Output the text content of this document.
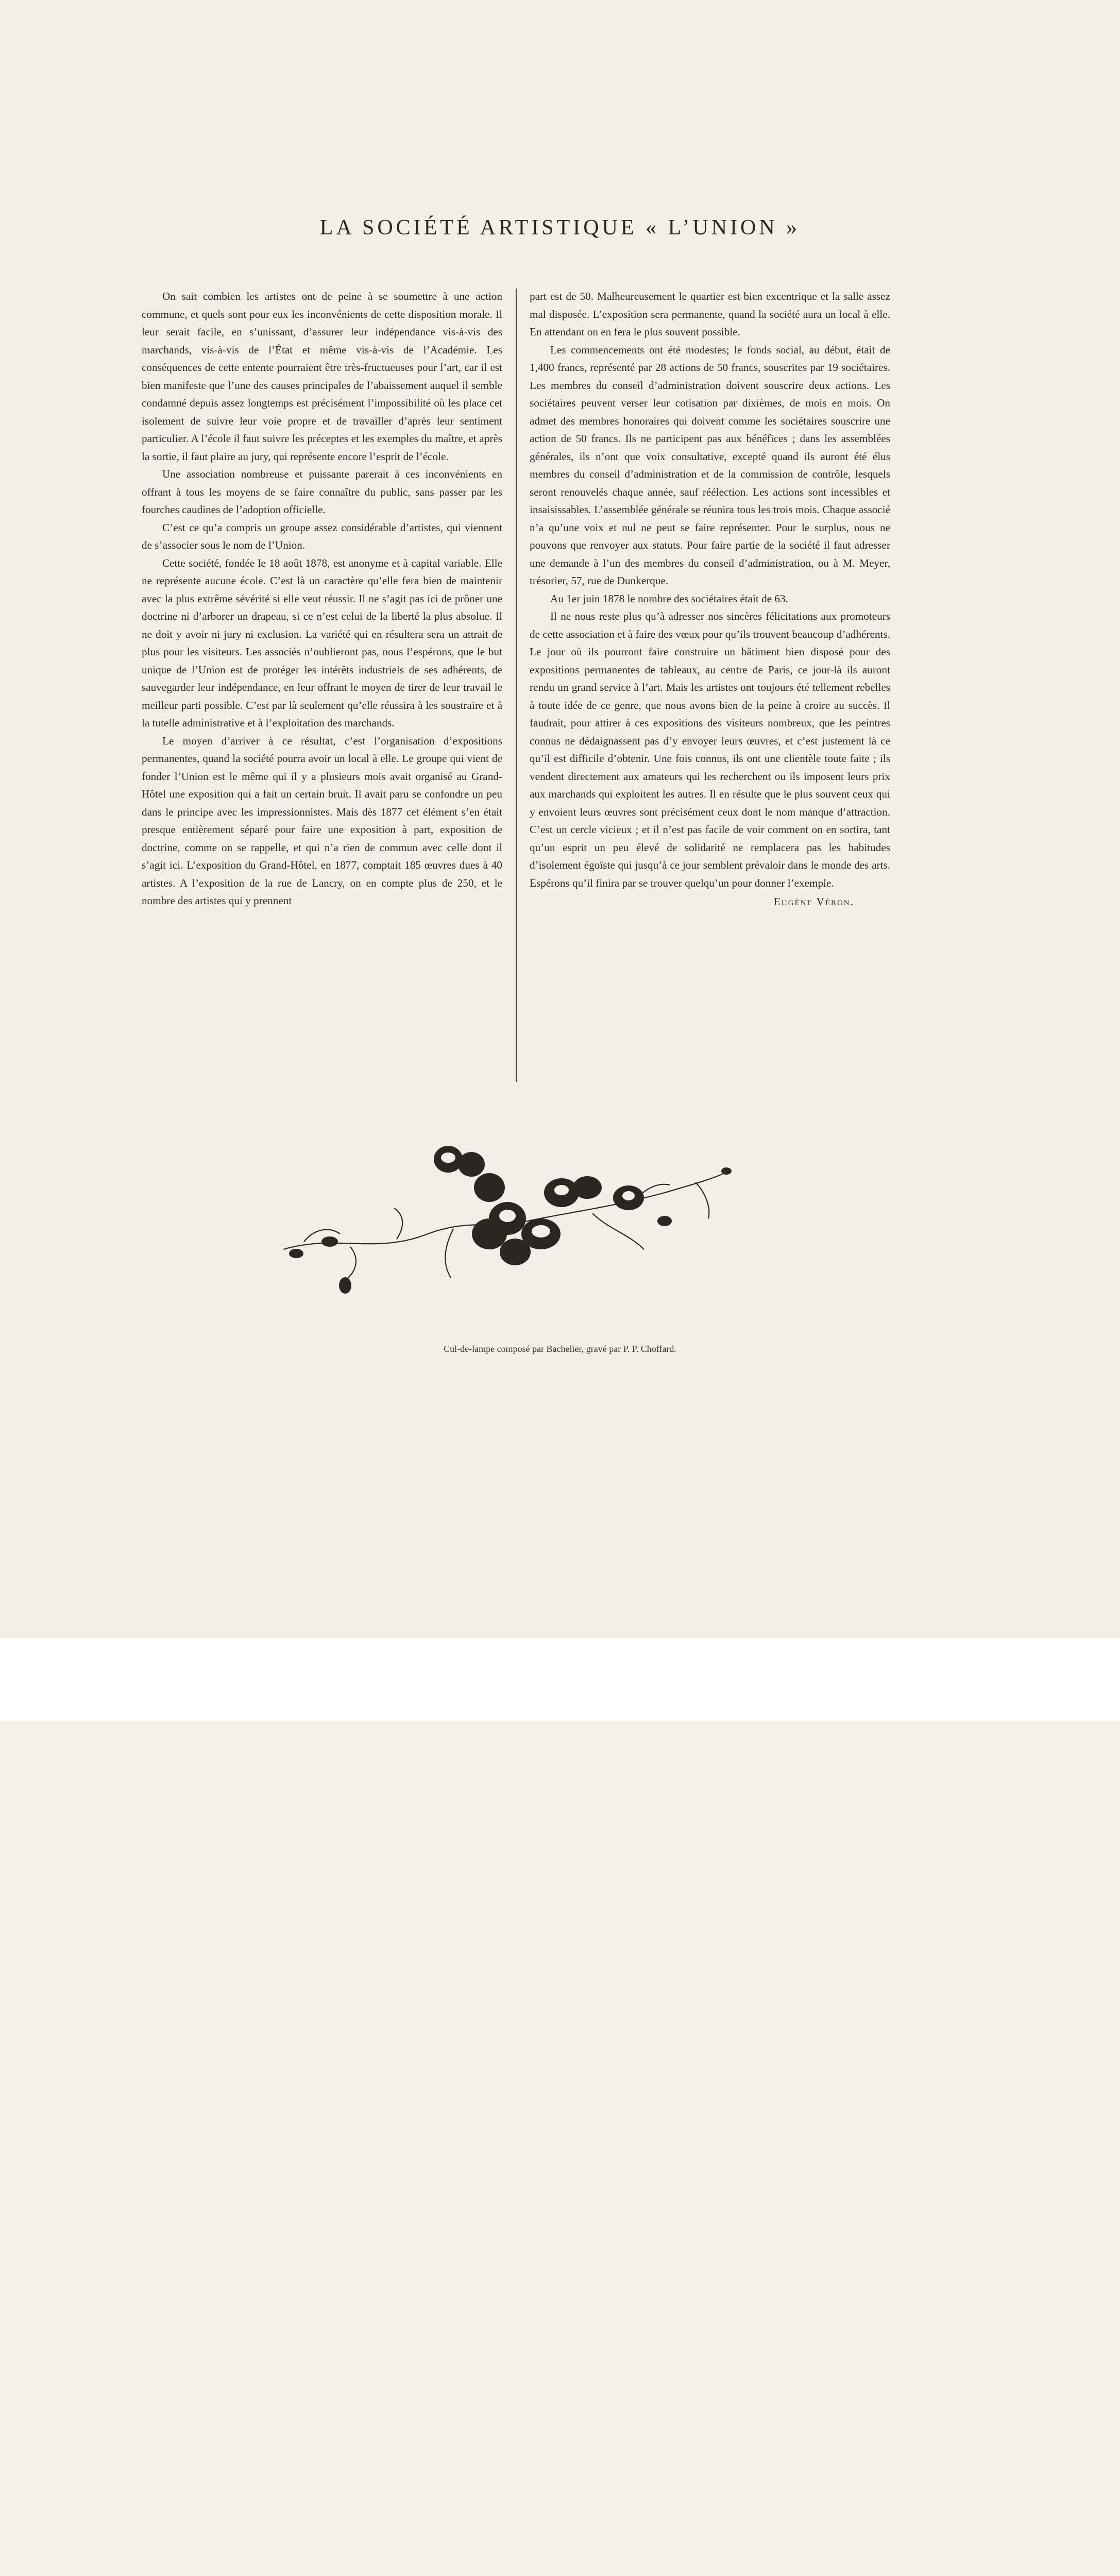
LA SOCIÉTÉ ARTISTIQUE « L’UNION »

On sait combien les artistes ont de peine à se soumettre à une action commune, et quels sont pour eux les inconvénients de cette disposition morale. Il leur serait facile, en s’unissant, d’assurer leur indépendance vis-à-vis des marchands, vis-à-vis de l’État et même vis-à-vis de l’Académie. Les conséquences de cette entente pourraient être très-fructueuses pour l’art, car il est bien manifeste que l’une des causes principales de l’abaissement auquel il semble condamné depuis assez longtemps est précisément l’impossibilité où les place cet isolement de suivre leur voie propre et de travailler d’après leur sentiment particulier. A l’école il faut suivre les préceptes et les exemples du maître, et après la sortie, il faut plaire au jury, qui représente encore l’esprit de l’école.

Une association nombreuse et puissante parerait à ces inconvénients en offrant à tous les moyens de se faire connaître du public, sans passer par les fourches caudines de l’adoption officielle.

C’est ce qu’a compris un groupe assez considérable d’artistes, qui viennent de s’associer sous le nom de l’Union.

Cette société, fondée le 18 août 1878, est anonyme et à capital variable. Elle ne représente aucune école. C’est là un caractère qu’elle fera bien de maintenir avec la plus extrême sévérité si elle veut réussir. Il ne s’agit pas ici de prôner une doctrine ni d’arborer un drapeau, si ce n’est celui de la liberté la plus absolue. Il ne doit y avoir ni jury ni exclusion. La variété qui en résultera sera un attrait de plus pour les visiteurs. Les associés n’oublieront pas, nous l’espérons, que le but unique de l’Union est de protéger les intérêts industriels de ses adhérents, de sauvegarder leur indépendance, en leur offrant le moyen de tirer de leur travail le meilleur parti possible. C’est par là seulement qu’elle réussira à les soustraire et à la tutelle administrative et à l’exploitation des marchands.

Le moyen d’arriver à ce résultat, c’est l’organisation d’expositions permanentes, quand la société pourra avoir un local à elle. Le groupe qui vient de fonder l’Union est le même qui il y a plusieurs mois avait organisé au Grand-Hôtel une exposition qui a fait un certain bruit. Il avait paru se confondre un peu dans le principe avec les impressionnistes. Mais dès 1877 cet élément s’en était presque entièrement séparé pour faire une exposition à part, exposition de doctrine, comme on se rappelle, et qui n’a rien de commun avec celle dont il s’agit ici. L’exposition du Grand-Hôtel, en 1877, comptait 185 œuvres dues à 40 artistes. A l’exposition de la rue de Lancry, on en compte plus de 250, et le nombre des artistes qui y prennent

part est de 50. Malheureusement le quartier est bien excentrique et la salle assez mal disposée. L’exposition sera permanente, quand la société aura un local à elle. En attendant on en fera le plus souvent possible.

Les commencements ont été modestes; le fonds social, au début, était de 1,400 francs, représenté par 28 actions de 50 francs, souscrites par 19 sociétaires. Les membres du conseil d’administration doivent souscrire deux actions. Les sociétaires peuvent verser leur cotisation par dixièmes, de mois en mois. On admet des membres honoraires qui doivent comme les sociétaires souscrire une action de 50 francs. Ils ne participent pas aux bénéfices ; dans les assemblées générales, ils n’ont que voix consultative, excepté quand ils auront été élus membres du conseil d’administration et de la commission de contrôle, lesquels seront renouvelés chaque année, sauf réélection. Les actions sont incessibles et insaisissables. L’assemblée générale se réunira tous les trois mois. Chaque associé n’a qu’une voix et nul ne peut se faire représenter. Pour le surplus, nous ne pouvons que renvoyer aux statuts. Pour faire partie de la société il faut adresser une demande à l’un des membres du conseil d’administration, ou à M. Meyer, trésorier, 57, rue de Dunkerque.

Au 1er juin 1878 le nombre des sociétaires était de 63.

Il ne nous reste plus qu’à adresser nos sincères félicitations aux promoteurs de cette association et à faire des vœux pour qu’ils trouvent beaucoup d’adhérents. Le jour où ils pourront faire construire un bâtiment bien disposé pour des expositions permanentes de tableaux, au centre de Paris, ce jour-là ils auront rendu un grand service à l’art. Mais les artistes ont toujours été tellement rebelles à toute idée de ce genre, que nous avons bien de la peine à croire au succès. Il faudrait, pour attirer à ces expositions des visiteurs nombreux, que les peintres connus ne dédaignassent pas d’y envoyer leurs œuvres, et c’est justement là ce qu’il est difficile d’obtenir. Une fois connus, ils ont une clientèle toute faite ; ils vendent directement aux amateurs qui les recherchent ou ils imposent leurs prix aux marchands qui exploitent les autres. Il en résulte que le plus souvent ceux qui y envoient leurs œuvres sont précisément ceux dont le nom manque d’attraction. C’est un cercle vicieux ; et il n’est pas facile de voir comment on en sortira, tant qu’un esprit un peu élevé de solidarité ne remplacera pas les habitudes d’isolement égoïste qui jusqu’à ce jour semblent prévaloir dans le monde des arts. Espérons qu’il finira par se trouver quelqu’un pour donner l’exemple.

Eugène Véron.

Cul-de-lampe composé par Bachelier, gravé par P. P. Choffard.
